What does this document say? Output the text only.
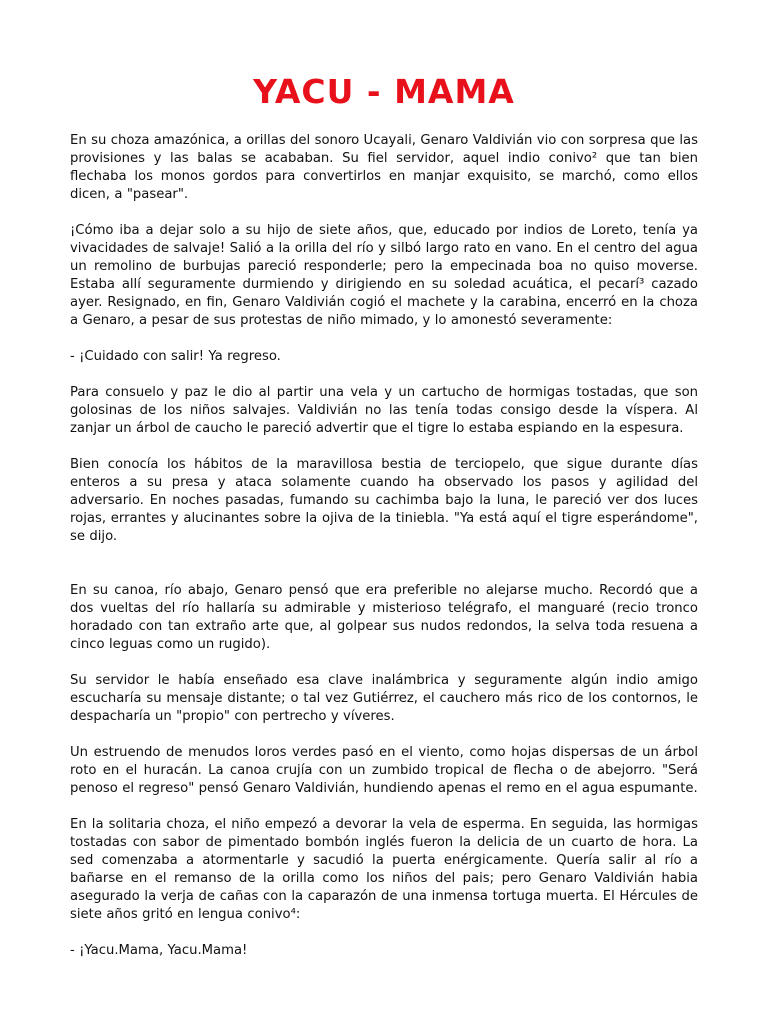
YACU - MAMA

En su choza amazónica, a orillas del sonoro Ucayali, Genaro Valdivián vio con sorpresa que las provisiones y las balas se acababan. Su fiel servidor, aquel indio conivo² que tan bien flechaba los monos gordos para convertirlos en manjar exquisito, se marchó, como ellos dicen, a "pasear".

¡Cómo iba a dejar solo a su hijo de siete años, que, educado por indios de Loreto, tenía ya vivacidades de salvaje! Salió a la orilla del río y silbó largo rato en vano. En el centro del agua un remolino de burbujas pareció responderle; pero la empecinada boa no quiso moverse. Estaba allí seguramente durmiendo y dirigiendo en su soledad acuática, el pecarí³ cazado ayer. Resignado, en fin, Genaro Valdivián cogió el machete y la carabina, encerró en la choza a Genaro, a pesar de sus protestas de niño mimado, y lo amonestó severamente:

- ¡Cuidado con salir! Ya regreso.

Para consuelo y paz le dio al partir una vela y un cartucho de hormigas tostadas, que son golosinas de los niños salvajes. Valdivián no las tenía todas consigo desde la víspera. Al zanjar un árbol de caucho le pareció advertir que el tigre lo estaba espiando en la espesura.

Bien conocía los hábitos de la maravillosa bestia de terciopelo, que sigue durante días enteros a su presa y ataca solamente cuando ha observado los pasos y agilidad del adversario. En noches pasadas, fumando su cachimba bajo la luna, le pareció ver dos luces rojas, errantes y alucinantes sobre la ojiva de la tiniebla. "Ya está aquí el tigre esperándome", se dijo.

En su canoa, río abajo, Genaro pensó que era preferible no alejarse mucho. Recordó que a dos vueltas del río hallaría su admirable y misterioso telégrafo, el manguaré (recio tronco horadado con tan extraño arte que, al golpear sus nudos redondos, la selva toda resuena a cinco leguas como un rugido).

Su servidor le había enseñado esa clave inalámbrica y seguramente algún indio amigo escucharía su mensaje distante; o tal vez Gutiérrez, el cauchero más rico de los contornos, le despacharía un "propio" con pertrecho y víveres.

Un estruendo de menudos loros verdes pasó en el viento, como hojas dispersas de un árbol roto en el huracán. La canoa crujía con un zumbido tropical de flecha o de abejorro. "Será penoso el regreso" pensó Genaro Valdivián, hundiendo apenas el remo en el agua espumante.

En la solitaria choza, el niño empezó a devorar la vela de esperma. En seguida, las hormigas tostadas con sabor de pimentado bombón inglés fueron la delicia de un cuarto de hora. La sed comenzaba a atormentarle y sacudió la puerta enérgicamente. Quería salir al río a bañarse en el remanso de la orilla como los niños del pais; pero Genaro Valdivián habia asegurado la verja de cañas con la caparazón de una inmensa tortuga muerta. El Hércules de siete años gritó en lengua conivo⁴:

- ¡Yacu.Mama, Yacu.Mama!
